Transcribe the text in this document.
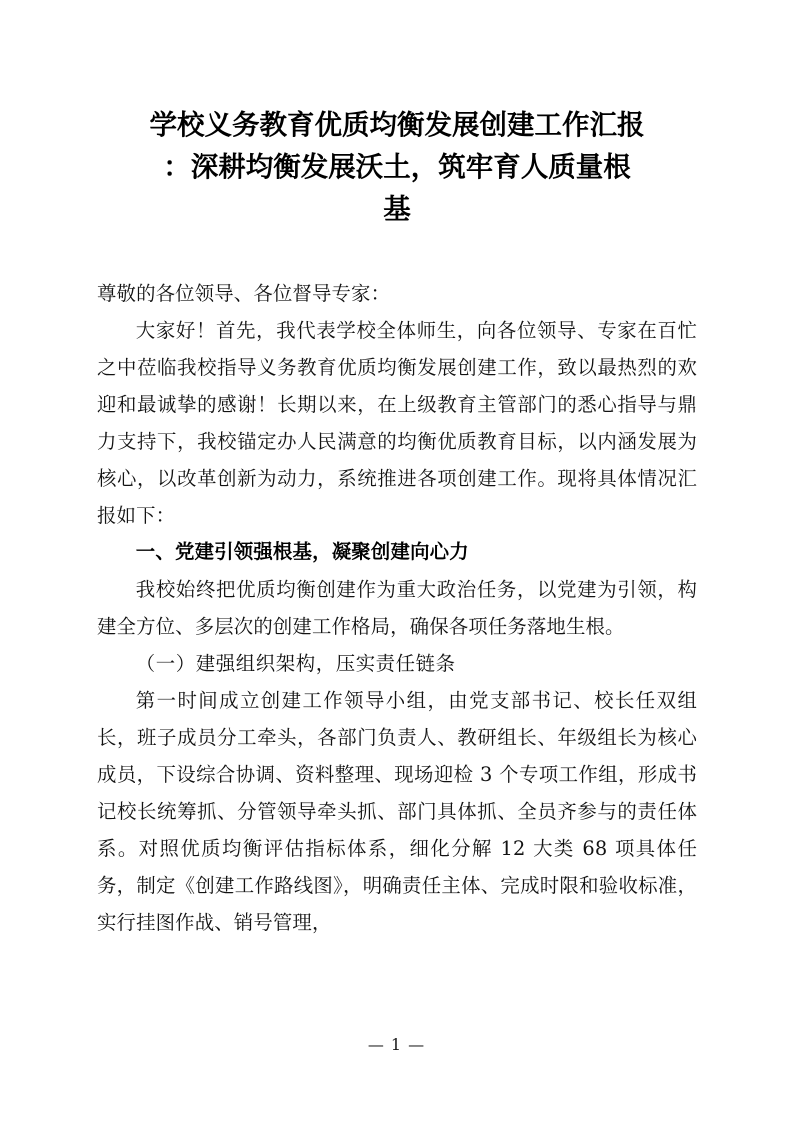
学校义务教育优质均衡发展创建工作汇报
：深耕均衡发展沃土，筑牢育人质量根
基

尊敬的各位领导、各位督导专家：

大家好！首先，我代表学校全体师生，向各位领导、专家在百忙之中莅临我校指导义务教育优质均衡发展创建工作，致以最热烈的欢迎和最诚挚的感谢！长期以来，在上级教育主管部门的悉心指导与鼎力支持下，我校锚定办人民满意的均衡优质教育目标，以内涵发展为核心，以改革创新为动力，系统推进各项创建工作。现将具体情况汇报如下：

一、党建引领强根基，凝聚创建向心力

我校始终把优质均衡创建作为重大政治任务，以党建为引领，构建全方位、多层次的创建工作格局，确保各项任务落地生根。

（一）建强组织架构，压实责任链条

第一时间成立创建工作领导小组，由党支部书记、校长任双组长，班子成员分工牵头，各部门负责人、教研组长、年级组长为核心成员，下设综合协调、资料整理、现场迎检 3 个专项工作组，形成书记校长统筹抓、分管领导牵头抓、部门具体抓、全员齐参与的责任体系。对照优质均衡评估指标体系，细化分解 12 大类 68 项具体任务，制定《创建工作路线图》，明确责任主体、完成时限和验收标准，实行挂图作战、销号管理，

— 1 —
